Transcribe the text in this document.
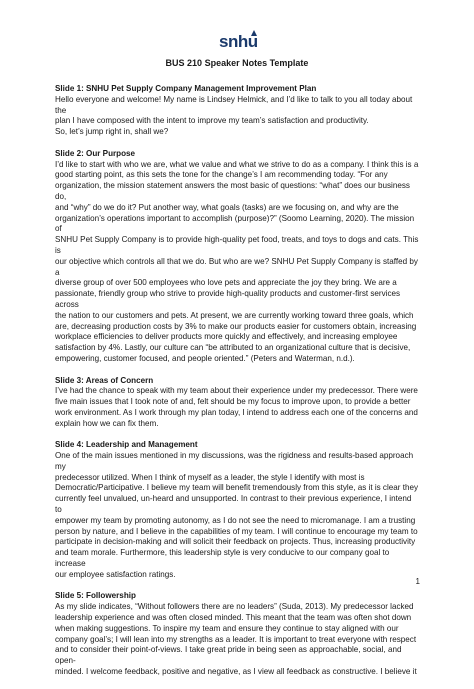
snhu
BUS 210 Speaker Notes Template

Slide 1: SNHU Pet Supply Company Management Improvement Plan

Hello everyone and welcome! My name is Lindsey Helmick, and I’d like to talk to you all today about the
plan I have composed with the intent to improve my team’s satisfaction and productivity.
So, let’s jump right in, shall we?

Slide 2: Our Purpose

I’d like to start with who we are, what we value and what we strive to do as a company. I think this is a
good starting point, as this sets the tone for the change’s I am recommending today. “For any
organization, the mission statement answers the most basic of questions: “what” does our business do,
and “why” do we do it? Put another way, what goals (tasks) are we focusing on, and why are the
organization’s operations important to accomplish (purpose)?” (Soomo Learning, 2020). The mission of
SNHU Pet Supply Company is to provide high-quality pet food, treats, and toys to dogs and cats. This is
our objective which controls all that we do. But who are we? SNHU Pet Supply Company is staffed by a
diverse group of over 500 employees who love pets and appreciate the joy they bring. We are a
passionate, friendly group who strive to provide high-quality products and customer-first services across
the nation to our customers and pets. At present, we are currently working toward three goals, which
are, decreasing production costs by 3% to make our products easier for customers obtain, increasing
workplace efficiencies to deliver products more quickly and effectively, and increasing employee
satisfaction by 4%. Lastly, our culture can “be attributed to an organizational culture that is decisive,
empowering, customer focused, and people oriented.” (Peters and Waterman, n.d.).

Slide 3: Areas of Concern

I’ve had the chance to speak with my team about their experience under my predecessor. There were
five main issues that I took note of and, felt should be my focus to improve upon, to provide a better
work environment. As I work through my plan today, I intend to address each one of the concerns and
explain how we can fix them.

Slide 4: Leadership and Management

One of the main issues mentioned in my discussions, was the rigidness and results-based approach my
predecessor utilized. When I think of myself as a leader, the style I identify with most is
Democratic/Participative. I believe my team will benefit tremendously from this style, as it is clear they
currently feel unvalued, un-heard and unsupported. In contrast to their previous experience, I intend to
empower my team by promoting autonomy, as I do not see the need to micromanage. I am a trusting
person by nature, and I believe in the capabilities of my team. I will continue to encourage my team to
participate in decision-making and will solicit their feedback on projects. Thus, increasing productivity
and team morale. Furthermore, this leadership style is very conducive to our company goal to increase
our employee satisfaction ratings.

Slide 5: Followership

As my slide indicates, “Without followers there are no leaders” (Suda, 2013). My predecessor lacked
leadership experience and was often closed minded. This meant that the team was often shot down
when making suggestions. To inspire my team and ensure they continue to stay aligned with our
company goal’s; I will lean into my strengths as a leader. It is important to treat everyone with respect
and to consider their point-of-views. I take great pride in being seen as approachable, social, and open-
minded. I welcome feedback, positive and negative, as I view all feedback as constructive. I believe it

1
